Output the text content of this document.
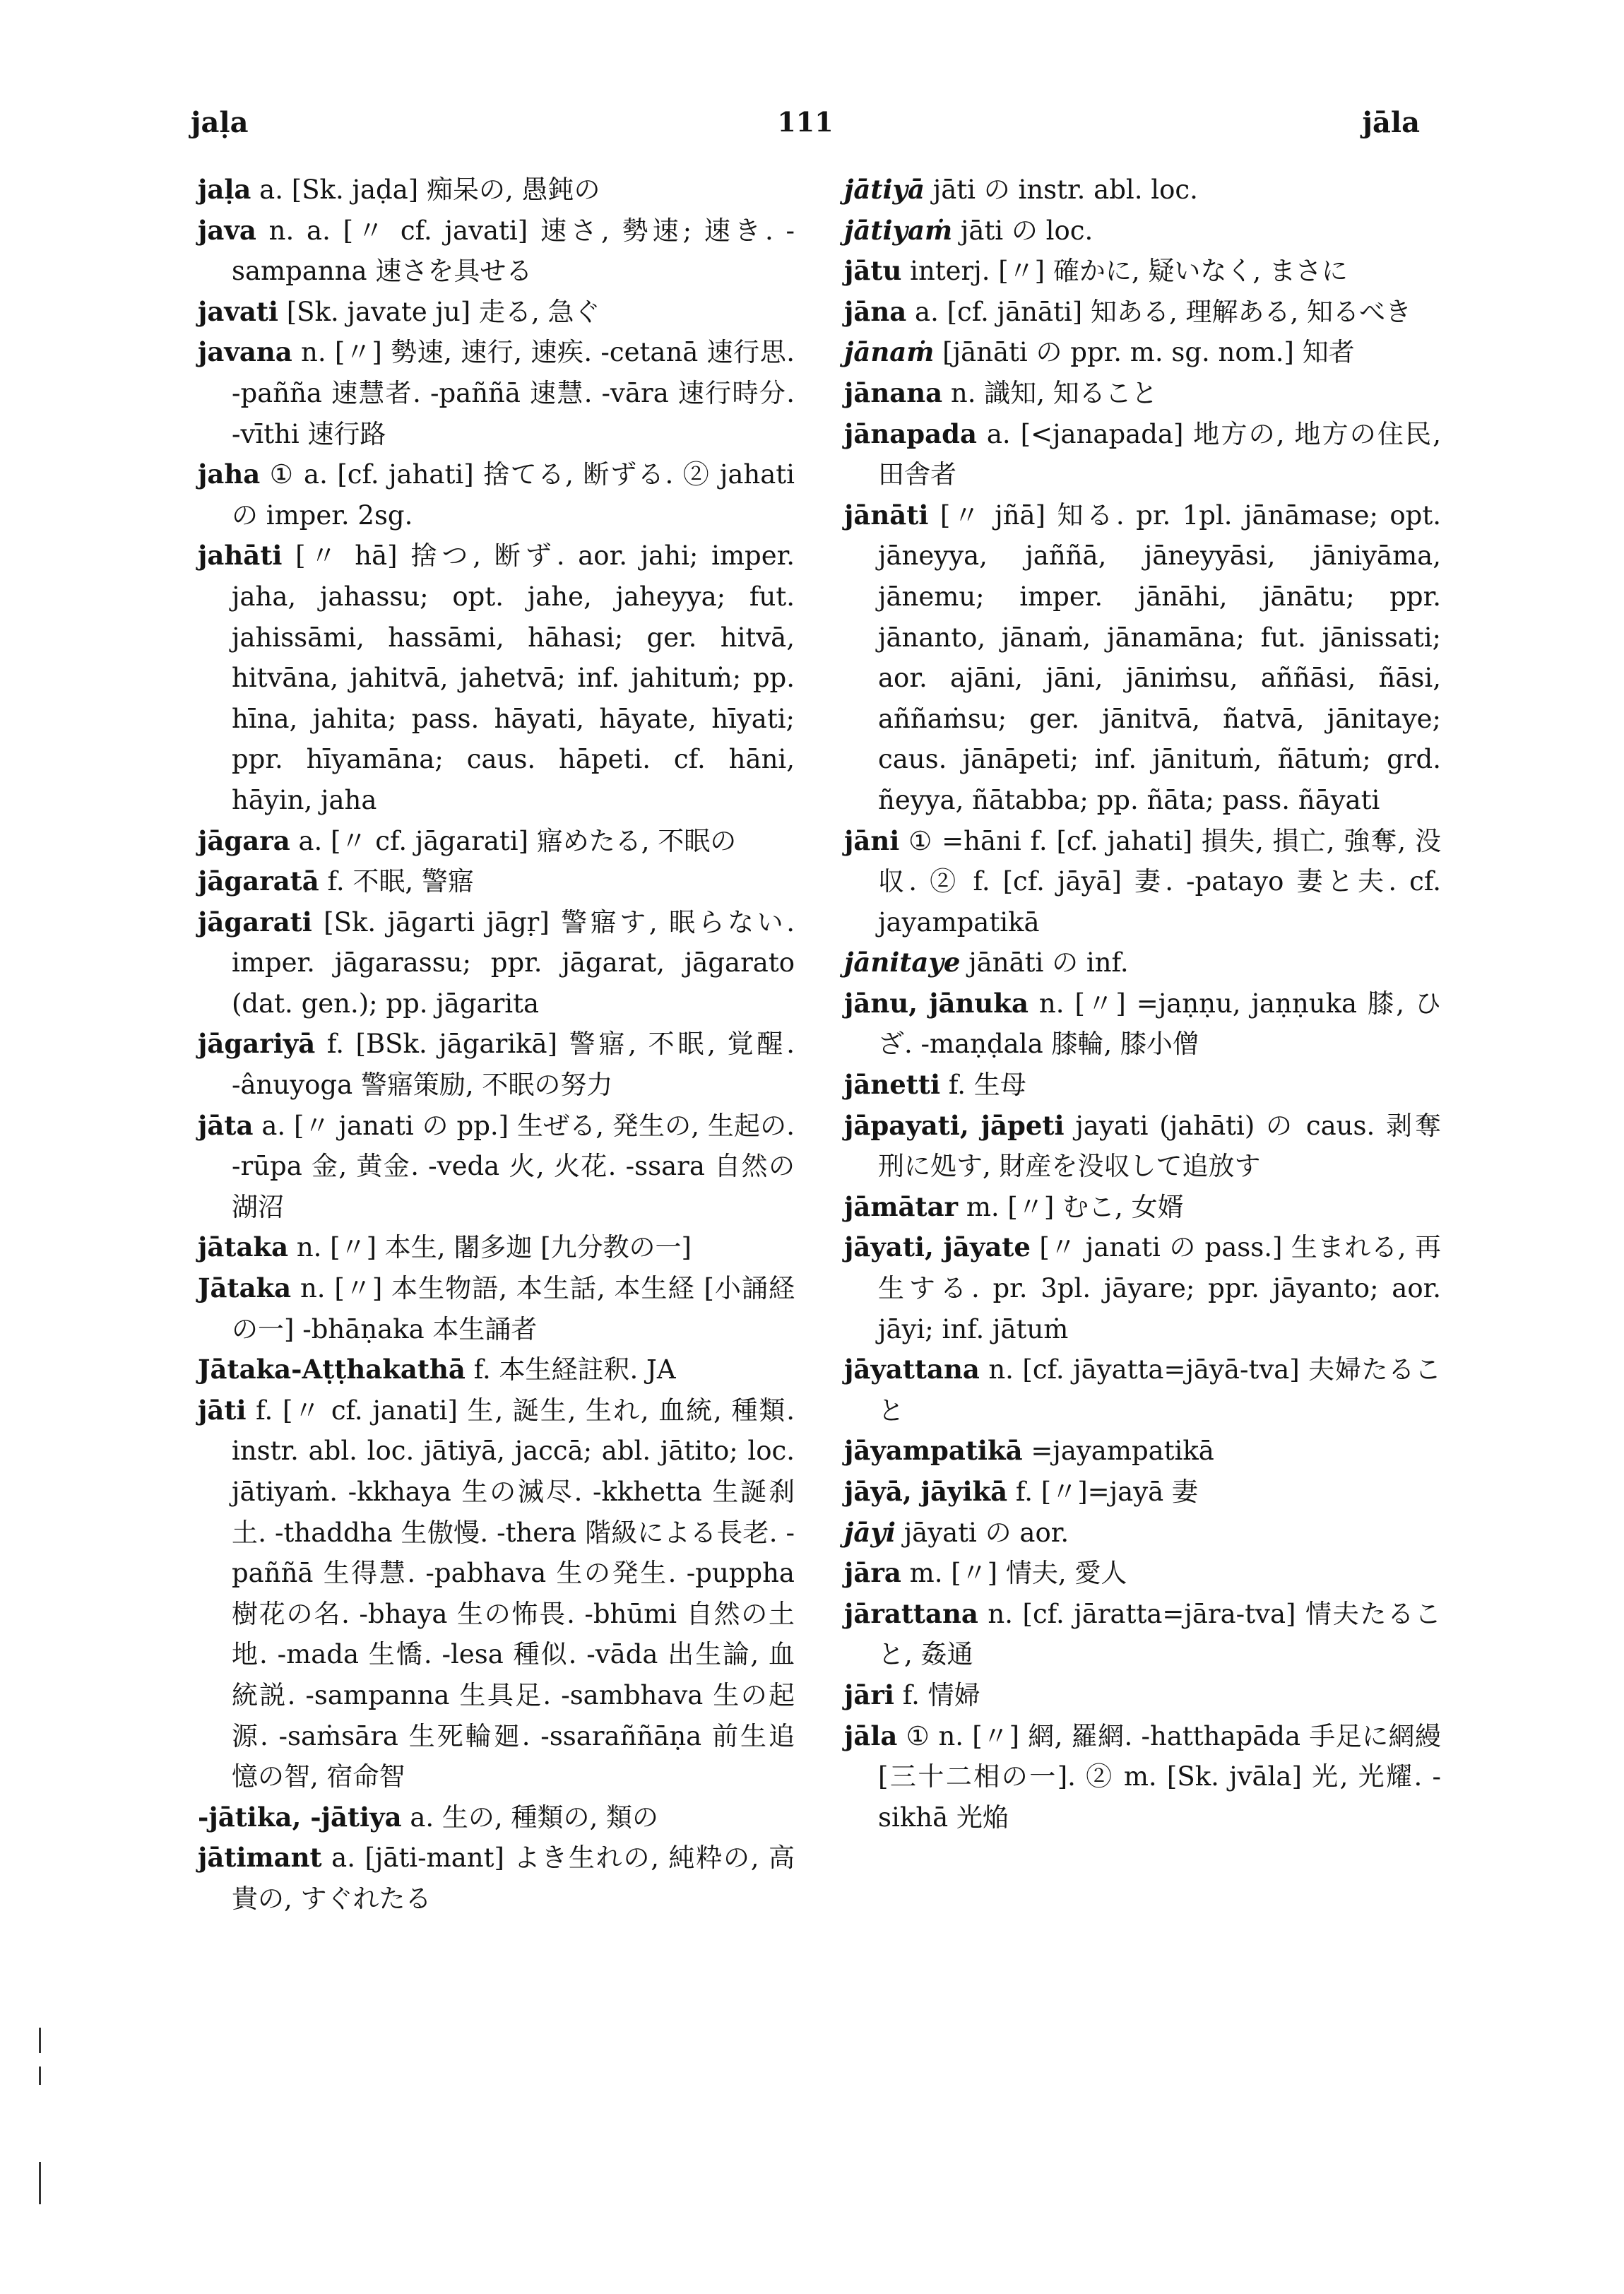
jaḷa	111	jāla
jaḷa a. [Sk. jaḍa] 痴呆の, 愚鈍の
java n. a. [〃 cf. javati] 速さ, 勢速; 速き. -sampanna 速さを具せる
javati [Sk. javate ju] 走る, 急ぐ
javana n. [〃] 勢速, 速行, 速疾. -cetanā 速行思. -pañña 速慧者. -paññā 速慧. -vāra 速行時分. -vīthi 速行路
jaha ① a. [cf. jahati] 捨てる, 断ずる. ② jahati の imper. 2sg.
jahāti [〃 hā] 捨つ, 断ず. aor. jahi; imper. jaha, jahassu; opt. jahe, jaheyya; fut. jahissāmi, hassāmi, hāhasi; ger. hitvā, hitvāna, jahitvā, jahetvā; inf. jahituṁ; pp. hīna, jahita; pass. hāyati, hāyate, hīyati; ppr. hīyamāna; caus. hāpeti. cf. hāni, hāyin, jaha
jāgara a. [〃 cf. jāgarati] 寤めたる, 不眠の
jāgaratā f. 不眠, 警寤
jāgarati [Sk. jāgarti jāgṛ] 警寤す, 眠らない. imper. jāgarassu; ppr. jāgarat, jāgarato (dat. gen.); pp. jāgarita
jāgariyā f. [BSk. jāgarikā] 警寤, 不眠, 覚醒. -ânuyoga 警寤策励, 不眠の努力
jāta a. [〃 janati の pp.] 生ぜる, 発生の, 生起の. -rūpa 金, 黄金. -veda 火, 火花. -ssara 自然の湖沼
jātaka n. [〃] 本生, 闍多迦 [九分教の一]
Jātaka n. [〃] 本生物語, 本生話, 本生経 [小誦経の一] -bhāṇaka 本生誦者
Jātaka-Aṭṭhakathā f. 本生経註釈. JA
jāti f. [〃 cf. janati] 生, 誕生, 生れ, 血統, 種類. instr. abl. loc. jātiyā, jaccā; abl. jātito; loc. jātiyaṁ. -kkhaya 生の滅尽. -kkhetta 生誕刹土. -thaddha 生傲慢. -thera 階級による長老. -paññā 生得慧. -pabhava 生の発生. -puppha 樹花の名. -bhaya 生の怖畏. -bhūmi 自然の土地. -mada 生憍. -lesa 種似. -vāda 出生論, 血統説. -sampanna 生具足. -sambhava 生の起源. -saṁsāra 生死輪廻. -ssaraññāṇa 前生追憶の智, 宿命智
-jātika, -jātiya a. 生の, 種類の, 類の
jātimant a. [jāti-mant] よき生れの, 純粋の, 高貴の, すぐれたる
jātiyā jāti の instr. abl. loc.
jātiyaṁ jāti の loc.
jātu interj. [〃] 確かに, 疑いなく, まさに
jāna a. [cf. jānāti] 知ある, 理解ある, 知るべき
jānaṁ [jānāti の ppr. m. sg. nom.] 知者
jānana n. 識知, 知ること
jānapada a. [<janapada] 地方の, 地方の住民, 田舎者
jānāti [〃 jñā] 知る. pr. 1pl. jānāmase; opt. jāneyya, jaññā, jāneyyāsi, jāniyāma, jānemu; imper. jānāhi, jānātu; ppr. jānanto, jānaṁ, jānamāna; fut. jānissati; aor. ajāni, jāni, jāniṁsu, aññāsi, ñāsi, aññaṁsu; ger. jānitvā, ñatvā, jānitaye; caus. jānāpeti; inf. jānituṁ, ñātuṁ; grd. ñeyya, ñātabba; pp. ñāta; pass. ñāyati
jāni ① =hāni f. [cf. jahati] 損失, 損亡, 強奪, 没収. ② f. [cf. jāyā] 妻. -patayo 妻と夫. cf. jayampatikā
jānitaye jānāti の inf.
jānu, jānuka n. [〃] =jaṇṇu, jaṇṇuka 膝, ひざ. -maṇḍala 膝輪, 膝小僧
jānetti f. 生母
jāpayati, jāpeti jayati (jahāti) の caus. 剥奪刑に処す, 財産を没収して追放す
jāmātar m. [〃] むこ, 女婿
jāyati, jāyate [〃 janati の pass.] 生まれる, 再生する. pr. 3pl. jāyare; ppr. jāyanto; aor. jāyi; inf. jātuṁ
jāyattana n. [cf. jāyatta=jāyā-tva] 夫婦たること
jāyampatikā =jayampatikā
jāyā, jāyikā f. [〃]=jayā 妻
jāyi jāyati の aor.
jāra m. [〃] 情夫, 愛人
jārattana n. [cf. jāratta=jāra-tva] 情夫たること, 姦通
jāri f. 情婦
jāla ① n. [〃] 網, 羅網. -hatthapāda 手足に網縵 [三十二相の一]. ② m. [Sk. jvāla] 光, 光耀. -sikhā 光焔
